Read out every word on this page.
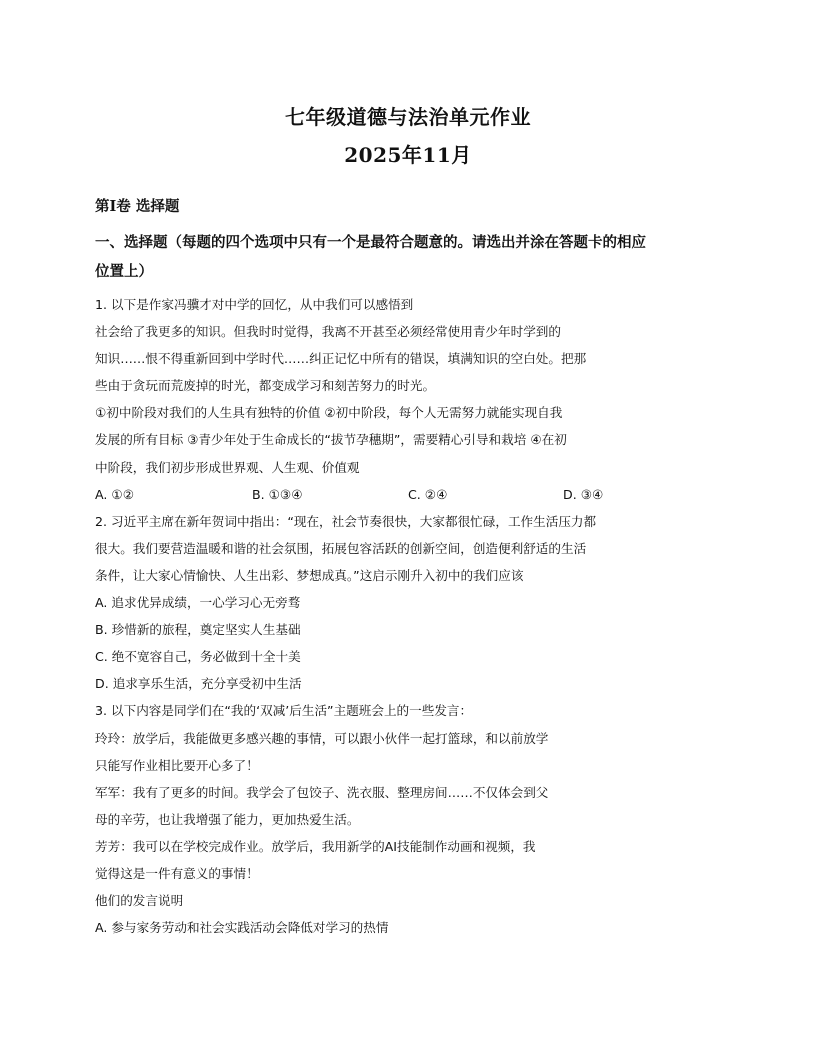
七年级道德与法治单元作业
2025年11月
第Ⅰ卷 选择题
一、选择题（每题的四个选项中只有一个是最符合题意的。请选出并涂在答题卡的相应
位置上）
1. 以下是作家冯骥才对中学的回忆，从中我们可以感悟到
社会给了我更多的知识。但我时时觉得，我离不开甚至必须经常使用青少年时学到的
知识……恨不得重新回到中学时代……纠正记忆中所有的错误，填满知识的空白处。把那
些由于贪玩而荒废掉的时光，都变成学习和刻苦努力的时光。
①初中阶段对我们的人生具有独特的价值 ②初中阶段，每个人无需努力就能实现自我
发展的所有目标 ③青少年处于生命成长的“拔节孕穗期”，需要精心引导和栽培 ④在初
中阶段，我们初步形成世界观、人生观、价值观
A. ①②	B. ①③④	C. ②④	D. ③④
2. 习近平主席在新年贺词中指出：“现在，社会节奏很快，大家都很忙碌，工作生活压力都
很大。我们要营造温暖和谐的社会氛围，拓展包容活跃的创新空间，创造便利舒适的生活
条件，让大家心情愉快、人生出彩、梦想成真。”这启示刚升入初中的我们应该
A. 追求优异成绩，一心学习心无旁骛
B. 珍惜新的旅程，奠定坚实人生基础
C. 绝不宽容自己，务必做到十全十美
D. 追求享乐生活，充分享受初中生活
3. 以下内容是同学们在“我的‘双减’后生活”主题班会上的一些发言：
玲玲：放学后，我能做更多感兴趣的事情，可以跟小伙伴一起打篮球，和以前放学
只能写作业相比要开心多了！
军军：我有了更多的时间。我学会了包饺子、洗衣服、整理房间……不仅体会到父
母的辛劳，也让我增强了能力，更加热爱生活。
芳芳：我可以在学校完成作业。放学后，我用新学的AI技能制作动画和视频，我
觉得这是一件有意义的事情！
他们的发言说明
A. 参与家务劳动和社会实践活动会降低对学习的热情
